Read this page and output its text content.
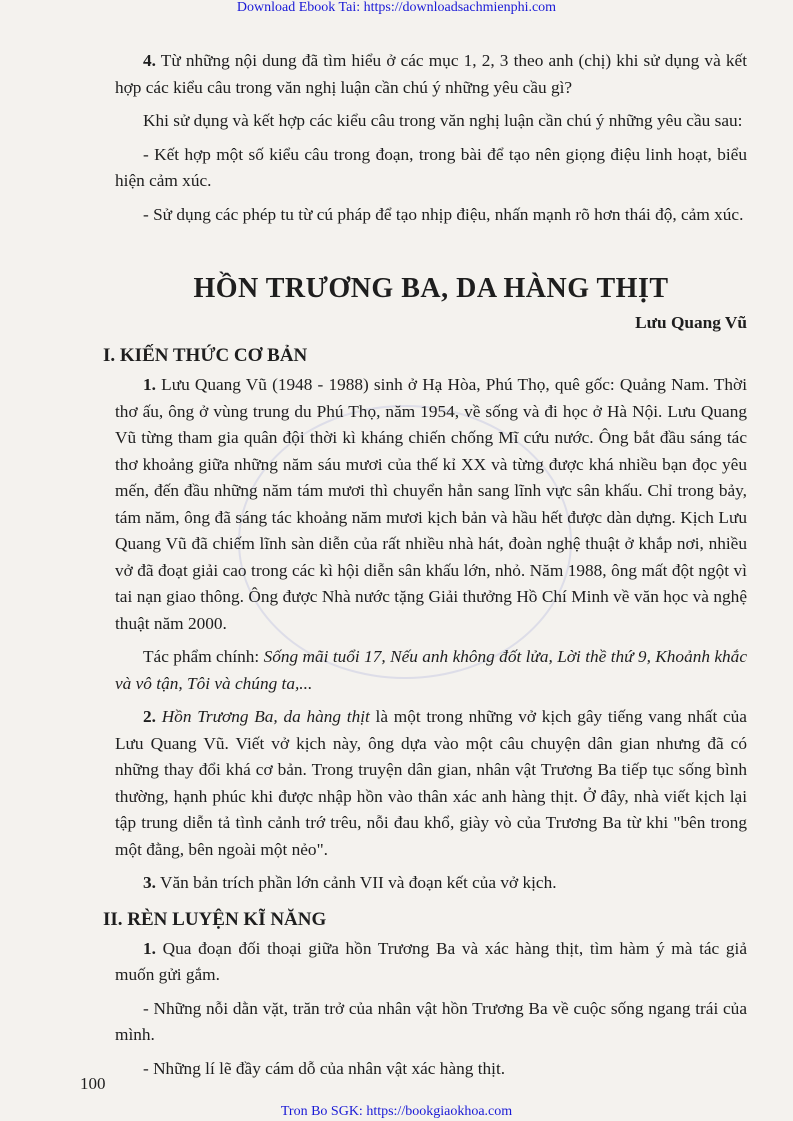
Download Ebook Tai: https://downloadsachmienphi.com

4. Từ những nội dung đã tìm hiểu ở các mục 1, 2, 3 theo anh (chị) khi sử dụng và kết hợp các kiểu câu trong văn nghị luận cần chú ý những yêu cầu gì?

Khi sử dụng và kết hợp các kiểu câu trong văn nghị luận cần chú ý những yêu cầu sau:

- Kết hợp một số kiểu câu trong đoạn, trong bài để tạo nên giọng điệu linh hoạt, biểu hiện cảm xúc.

- Sử dụng các phép tu từ cú pháp để tạo nhịp điệu, nhấn mạnh rõ hơn thái độ, cảm xúc.

HỒN TRƯƠNG BA, DA HÀNG THỊT
Lưu Quang Vũ
I. KIẾN THỨC CƠ BẢN

1. Lưu Quang Vũ (1948 - 1988) sinh ở Hạ Hòa, Phú Thọ, quê gốc: Quảng Nam. Thời thơ ấu, ông ở vùng trung du Phú Thọ, năm 1954, về sống và đi học ở Hà Nội. Lưu Quang Vũ từng tham gia quân đội thời kì kháng chiến chống Mĩ cứu nước. Ông bắt đầu sáng tác thơ khoảng giữa những năm sáu mươi của thế kỉ XX và từng được khá nhiều bạn đọc yêu mến, đến đầu những năm tám mươi thì chuyển hẳn sang lĩnh vực sân khấu. Chỉ trong bảy, tám năm, ông đã sáng tác khoảng năm mươi kịch bản và hầu hết được dàn dựng. Kịch Lưu Quang Vũ đã chiếm lĩnh sàn diễn của rất nhiều nhà hát, đoàn nghệ thuật ở khắp nơi, nhiều vở đã đoạt giải cao trong các kì hội diễn sân khấu lớn, nhỏ. Năm 1988, ông mất đột ngột vì tai nạn giao thông. Ông được Nhà nước tặng Giải thưởng Hồ Chí Minh về văn học và nghệ thuật năm 2000.

Tác phẩm chính: Sống mãi tuổi 17, Nếu anh không đốt lửa, Lời thề thứ 9, Khoảnh khắc và vô tận, Tôi và chúng ta,...

2. Hồn Trương Ba, da hàng thịt là một trong những vở kịch gây tiếng vang nhất của Lưu Quang Vũ. Viết vở kịch này, ông dựa vào một câu chuyện dân gian nhưng đã có những thay đổi khá cơ bản. Trong truyện dân gian, nhân vật Trương Ba tiếp tục sống bình thường, hạnh phúc khi được nhập hồn vào thân xác anh hàng thịt. Ở đây, nhà viết kịch lại tập trung diễn tả tình cảnh trớ trêu, nỗi đau khổ, giày vò của Trương Ba từ khi "bên trong một đằng, bên ngoài một nẻo".

3. Văn bản trích phần lớn cảnh VII và đoạn kết của vở kịch.

II. RÈN LUYỆN KĨ NĂNG

1. Qua đoạn đối thoại giữa hồn Trương Ba và xác hàng thịt, tìm hàm ý mà tác giả muốn gửi gắm.

- Những nỗi dằn vặt, trăn trở của nhân vật hồn Trương Ba về cuộc sống ngang trái của mình.

- Những lí lẽ đầy cám dỗ của nhân vật xác hàng thịt.

100
Tron Bo SGK: https://bookgiaokhoa.com
